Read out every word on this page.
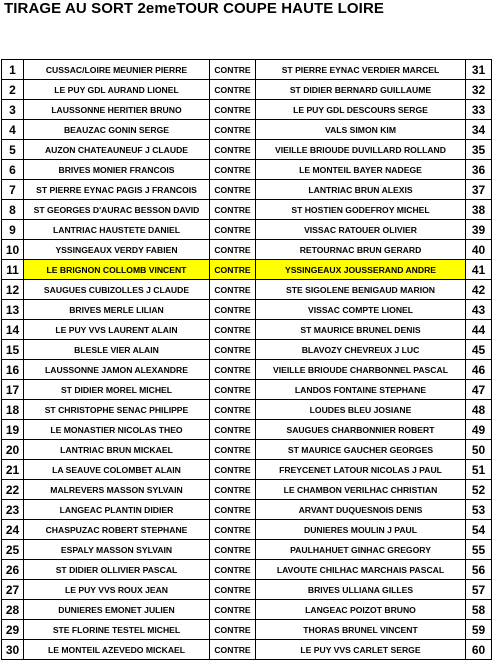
TIRAGE AU SORT 2emeTOUR COUPE HAUTE LOIRE
1	CUSSAC/LOIRE MEUNIER PIERRE	CONTRE	ST PIERRE EYNAC VERDIER MARCEL	31
2	LE PUY GDL AURAND LIONEL	CONTRE	ST DIDIER BERNARD GUILLAUME	32
3	LAUSSONNE HERITIER BRUNO	CONTRE	LE PUY GDL DESCOURS SERGE	33
4	BEAUZAC GONIN SERGE	CONTRE	VALS SIMON KIM	34
5	AUZON CHATEAUNEUF J CLAUDE	CONTRE	VIEILLE BRIOUDE DUVILLARD ROLLAND	35
6	BRIVES MONIER FRANCOIS	CONTRE	LE MONTEIL BAYER NADEGE	36
7	ST PIERRE EYNAC PAGIS J FRANCOIS	CONTRE	LANTRIAC BRUN ALEXIS	37
8	ST GEORGES D'AURAC BESSON DAVID	CONTRE	ST HOSTIEN GODEFROY MICHEL	38
9	LANTRIAC HAUSTETE DANIEL	CONTRE	VISSAC RATOUER OLIVIER	39
10	YSSINGEAUX VERDY FABIEN	CONTRE	RETOURNAC BRUN GERARD	40
11	LE BRIGNON COLLOMB VINCENT	CONTRE	YSSINGEAUX JOUSSERAND ANDRE	41
12	SAUGUES CUBIZOLLES J CLAUDE	CONTRE	STE SIGOLENE BENIGAUD MARION	42
13	BRIVES MERLE LILIAN	CONTRE	VISSAC COMPTE LIONEL	43
14	LE PUY VVS LAURENT ALAIN	CONTRE	ST MAURICE BRUNEL DENIS	44
15	BLESLE VIER ALAIN	CONTRE	BLAVOZY CHEVREUX J LUC	45
16	LAUSSONNE JAMON ALEXANDRE	CONTRE	VIEILLE BRIOUDE CHARBONNEL PASCAL	46
17	ST DIDIER MOREL MICHEL	CONTRE	LANDOS FONTAINE STEPHANE	47
18	ST CHRISTOPHE SENAC PHILIPPE	CONTRE	LOUDES BLEU JOSIANE	48
19	LE MONASTIER NICOLAS THEO	CONTRE	SAUGUES CHARBONNIER ROBERT	49
20	LANTRIAC BRUN MICKAEL	CONTRE	ST MAURICE GAUCHER GEORGES	50
21	LA SEAUVE COLOMBET ALAIN	CONTRE	FREYCENET LATOUR NICOLAS J PAUL	51
22	MALREVERS MASSON SYLVAIN	CONTRE	LE CHAMBON VERILHAC CHRISTIAN	52
23	LANGEAC PLANTIN DIDIER	CONTRE	ARVANT DUQUESNOIS DENIS	53
24	CHASPUZAC ROBERT STEPHANE	CONTRE	DUNIERES MOULIN J PAUL	54
25	ESPALY MASSON SYLVAIN	CONTRE	PAULHAHUET GINHAC GREGORY	55
26	ST DIDIER OLLIVIER PASCAL	CONTRE	LAVOUTE CHILHAC MARCHAIS PASCAL	56
27	LE PUY VVS ROUX JEAN	CONTRE	BRIVES ULLIANA GILLES	57
28	DUNIERES EMONET JULIEN	CONTRE	LANGEAC POIZOT BRUNO	58
29	STE FLORINE TESTEL MICHEL	CONTRE	THORAS BRUNEL VINCENT	59
30	LE MONTEIL AZEVEDO MICKAEL	CONTRE	LE PUY VVS CARLET SERGE	60
